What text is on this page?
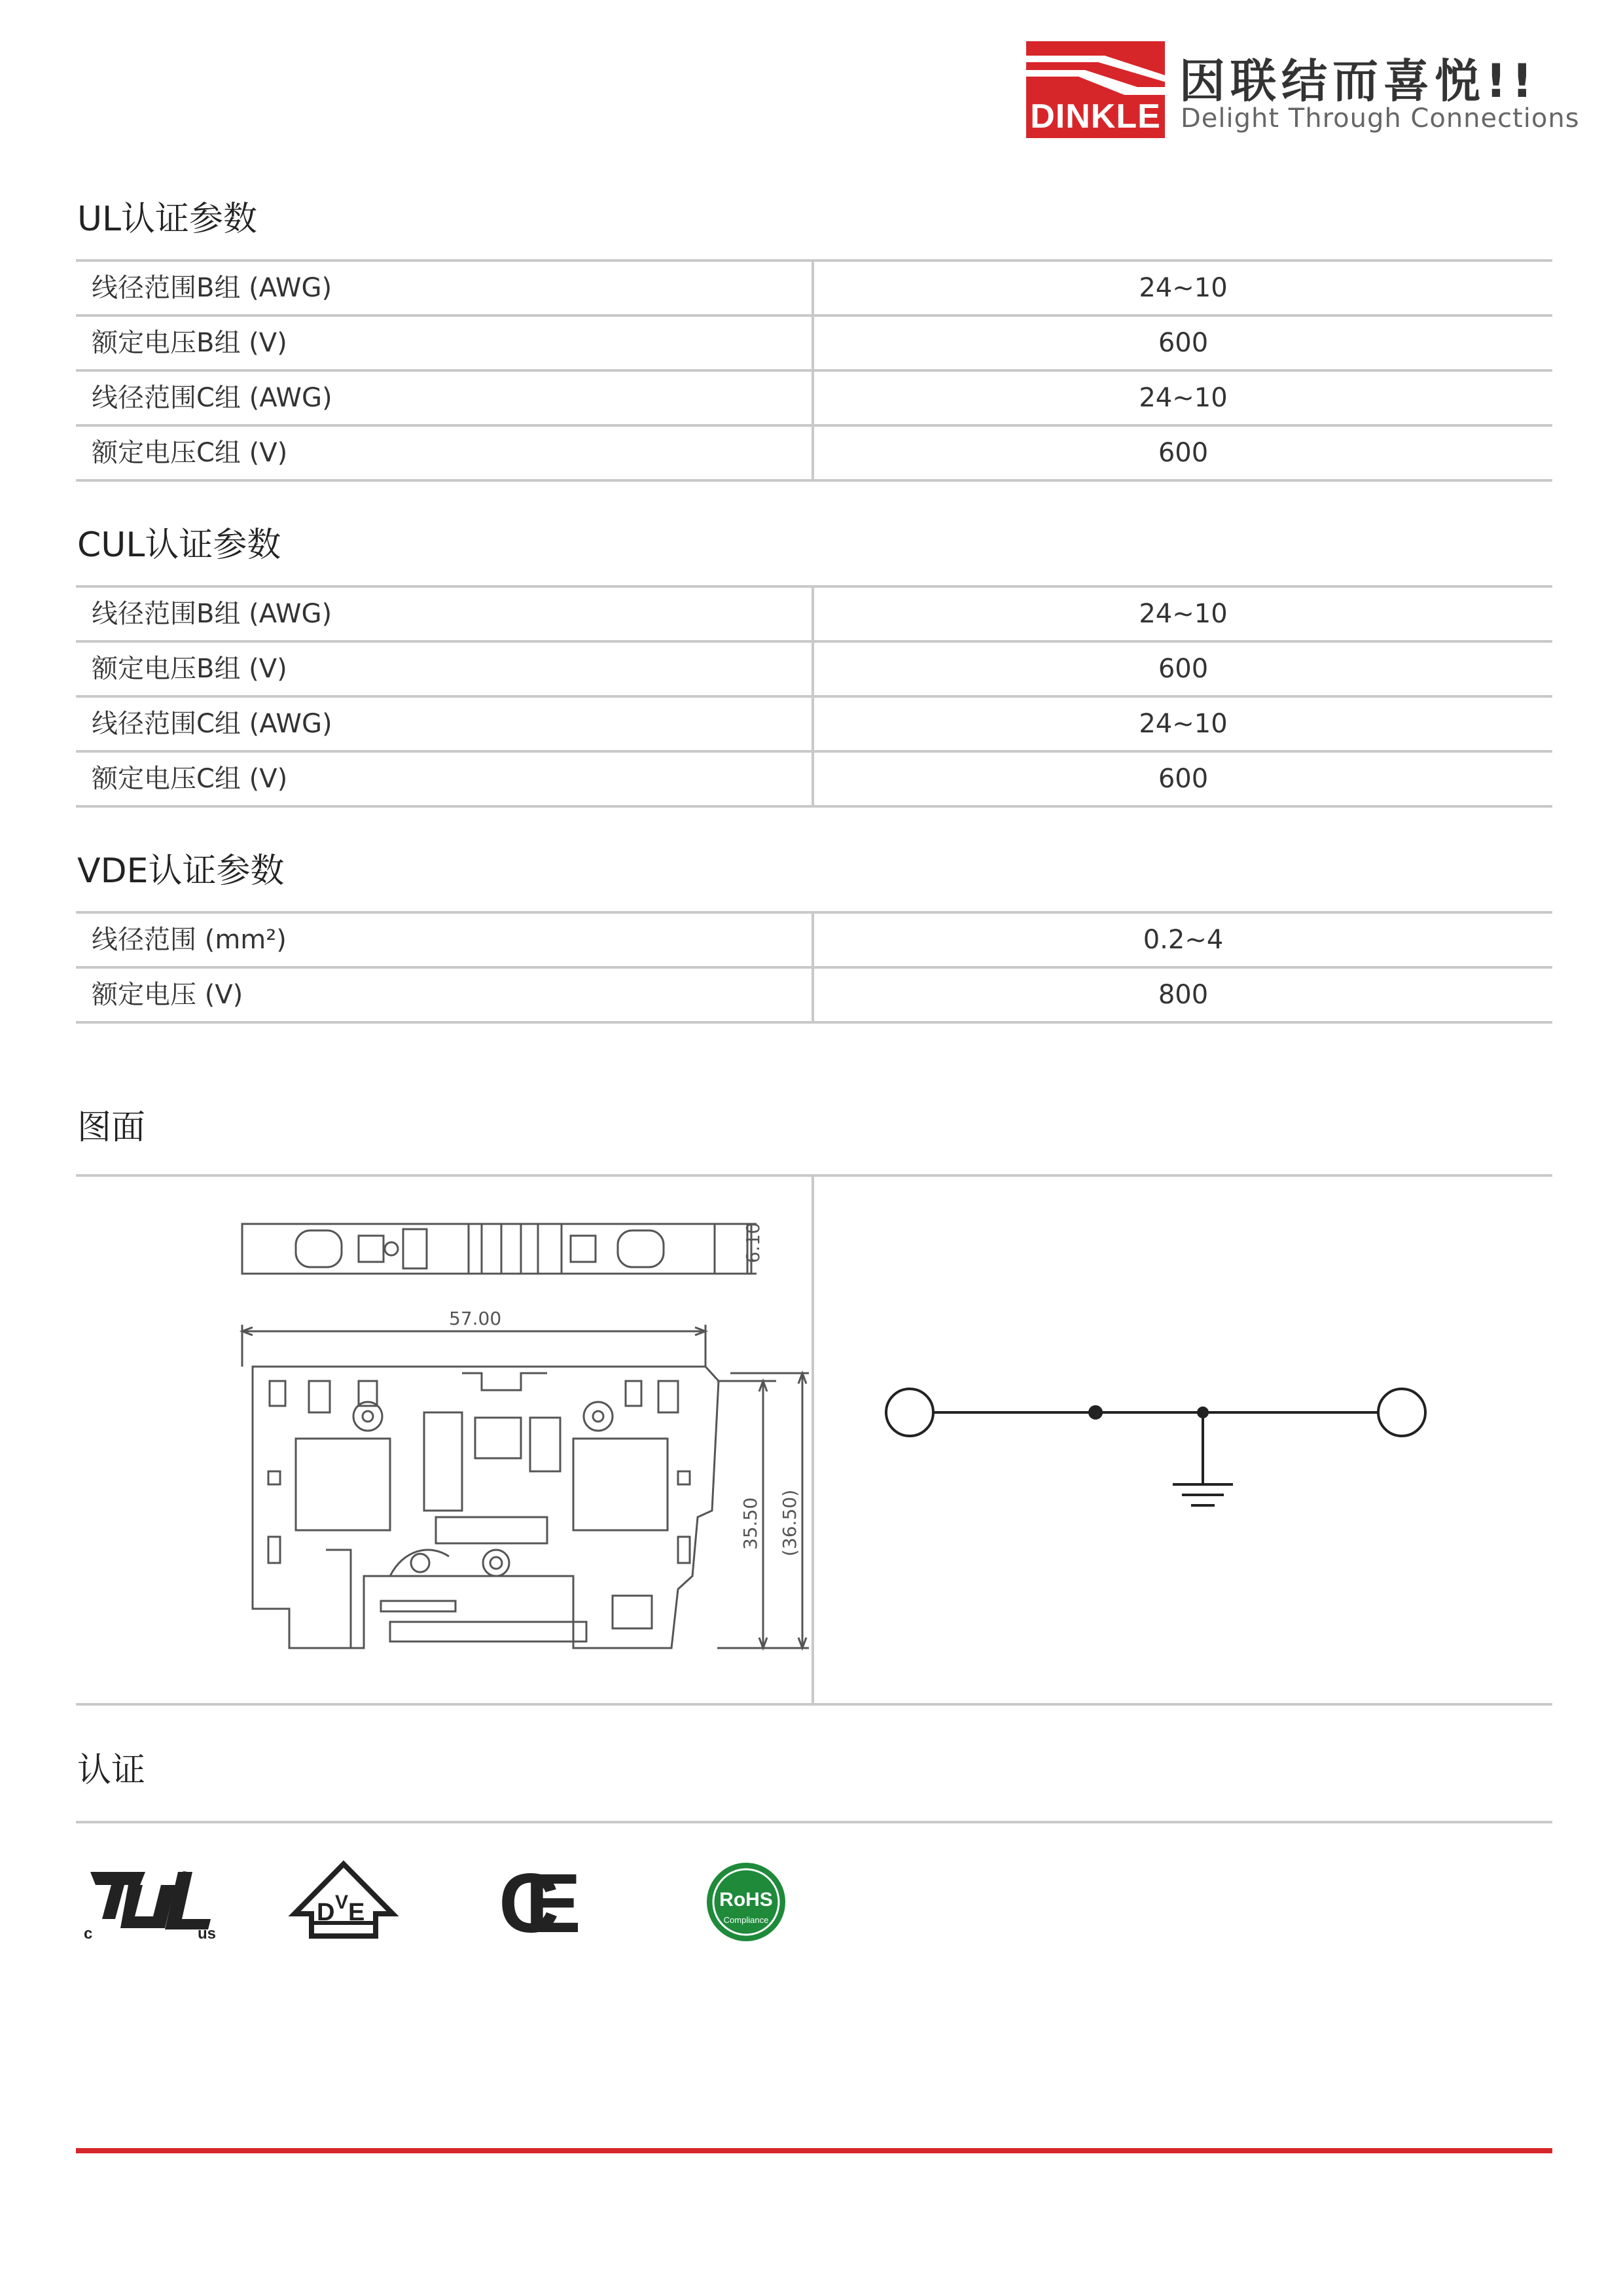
DINKLE
因联结而喜悦!!
Delight Through Connections
UL认证参数
线径范围B组 (AWG)	24~10
额定电压B组 (V)	600
线径范围C组 (AWG)	24~10
额定电压C组 (V)	600
CUL认证参数
线径范围B组 (AWG)	24~10
额定电压B组 (V)	600
线径范围C组 (AWG)	24~10
额定电压C组 (V)	600
VDE认证参数
线径范围 (mm²)	0.2~4
额定电压 (V)	800
图面
6.10
57.00
35.50 (36.50)
认证
c	us
®
D V E CE	RoHS
Compliance
